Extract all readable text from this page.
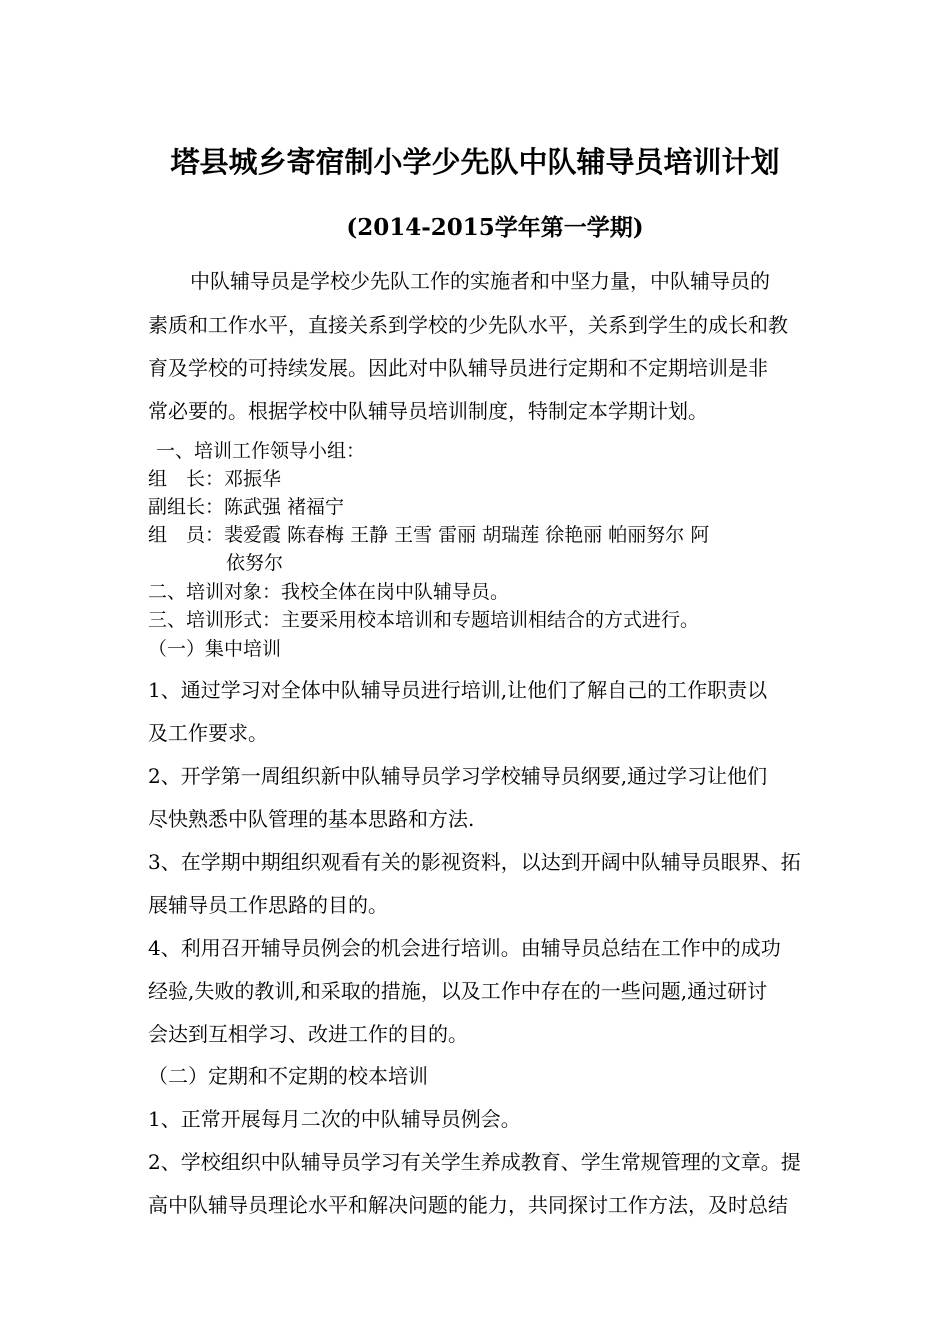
塔县城乡寄宿制小学少先队中队辅导员培训计划
(2014-2015学年第一学期)
中队辅导员是学校少先队工作的实施者和中坚力量，中队辅导员的
素质和工作水平，直接关系到学校的少先队水平，关系到学生的成长和教
育及学校的可持续发展。因此对中队辅导员进行定期和不定期培训是非
常必要的。根据学校中队辅导员培训制度，特制定本学期计划。
一、培训工作领导小组：
组　长：邓振华
副组长：陈武强 褚福宁
组　员：裴爱霞 陈春梅 王静 王雪 雷丽 胡瑞莲 徐艳丽 帕丽努尔 阿
依努尔
二、培训对象：我校全体在岗中队辅导员。
三、培训形式：主要采用校本培训和专题培训相结合的方式进行。
（一）集中培训
1、通过学习对全体中队辅导员进行培训,让他们了解自己的工作职责以
及工作要求。
2、开学第一周组织新中队辅导员学习学校辅导员纲要,通过学习让他们
尽快熟悉中队管理的基本思路和方法.
3、在学期中期组织观看有关的影视资料，以达到开阔中队辅导员眼界、拓
展辅导员工作思路的目的。
4、利用召开辅导员例会的机会进行培训。由辅导员总结在工作中的成功
经验,失败的教训,和采取的措施，以及工作中存在的一些问题,通过研讨
会达到互相学习、改进工作的目的。
（二）定期和不定期的校本培训
1、正常开展每月二次的中队辅导员例会。
2、学校组织中队辅导员学习有关学生养成教育、学生常规管理的文章。提
高中队辅导员理论水平和解决问题的能力，共同探讨工作方法，及时总结
